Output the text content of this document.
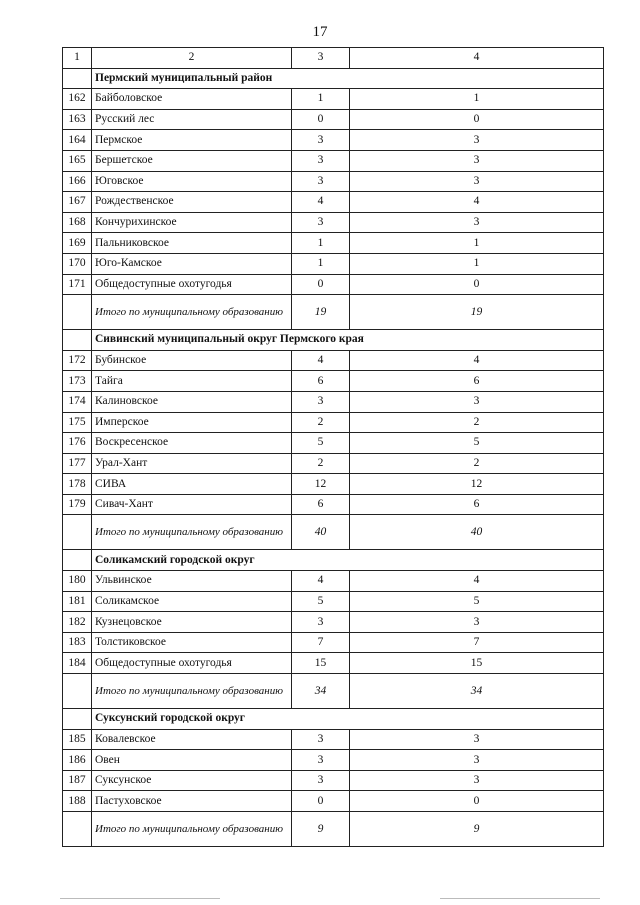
17
1	2	3	4
	Пермский муниципальный район		
162	Байболовское	1	1
163	Русский лес	0	0
164	Пермское	3	3
165	Бершетское	3	3
166	Юговское	3	3
167	Рождественское	4	4
168	Кончурихинское	3	3
169	Пальниковское	1	1
170	Юго-Камское	1	1
171	Общедоступные охотугодья	0	0
	Итого по муниципальному образованию	19	19
	Сивинский муниципальный округ Пермского края		
172	Бубинское	4	4
173	Тайга	6	6
174	Калиновское	3	3
175	Имперское	2	2
176	Воскресенское	5	5
177	Урал-Хант	2	2
178	СИВА	12	12
179	Сивач-Хант	6	6
	Итого по муниципальному образованию	40	40
	Соликамский городской округ		
180	Ульвинское	4	4
181	Соликамское	5	5
182	Кузнецовское	3	3
183	Толстиковское	7	7
184	Общедоступные охотугодья	15	15
	Итого по муниципальному образованию	34	34
	Суксунский городской округ		
185	Ковалевское	3	3
186	Овен	3	3
187	Суксунское	3	3
188	Пастуховское	0	0
	Итого по муниципальному образованию	9	9
